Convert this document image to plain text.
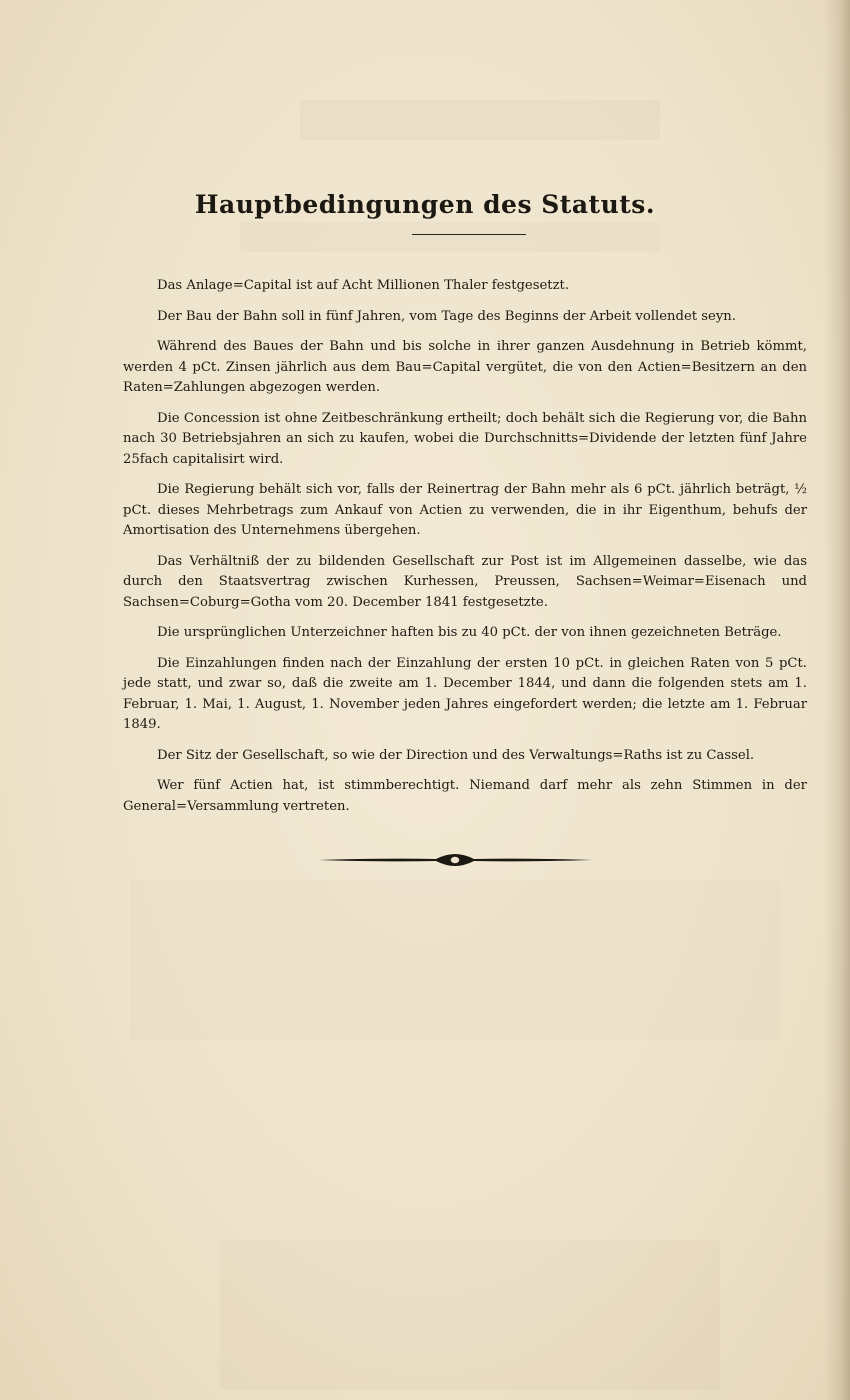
Hauptbedingungen des Statuts.

Das Anlage=Capital ist auf Acht Millionen Thaler festgesetzt.

Der Bau der Bahn soll in fünf Jahren, vom Tage des Beginns der Arbeit vollendet seyn.

Während des Baues der Bahn und bis solche in ihrer ganzen Ausdehnung in Betrieb kömmt, werden 4 pCt. Zinsen jährlich aus dem Bau=Capital vergütet, die von den Actien=Besitzern an den Raten=Zahlungen abgezogen werden.

Die Concession ist ohne Zeitbeschränkung ertheilt; doch behält sich die Regierung vor, die Bahn nach 30 Betriebsjahren an sich zu kaufen, wobei die Durchschnitts=Dividende der letzten fünf Jahre 25fach capitalisirt wird.

Die Regierung behält sich vor, falls der Reinertrag der Bahn mehr als 6 pCt. jährlich beträgt, ½ pCt. dieses Mehrbetrags zum Ankauf von Actien zu verwenden, die in ihr Eigenthum, behufs der Amortisation des Unternehmens übergehen.

Das Verhältniß der zu bildenden Gesellschaft zur Post ist im Allgemeinen dasselbe, wie das durch den Staatsvertrag zwischen Kurhessen, Preussen, Sachsen=Weimar=Eisenach und Sachsen=Coburg=Gotha vom 20. December 1841 festgesetzte.

Die ursprünglichen Unterzeichner haften bis zu 40 pCt. der von ihnen gezeichneten Beträge.

Die Einzahlungen finden nach der Einzahlung der ersten 10 pCt. in gleichen Raten von 5 pCt. jede statt, und zwar so, daß die zweite am 1. December 1844, und dann die folgenden stets am 1. Februar, 1. Mai, 1. August, 1. November jeden Jahres eingefordert werden; die letzte am 1. Februar 1849.

Der Sitz der Gesellschaft, so wie der Direction und des Verwaltungs=Raths ist zu Cassel.

Wer fünf Actien hat, ist stimmberechtigt. Niemand darf mehr als zehn Stimmen in der General=Versammlung vertreten.
